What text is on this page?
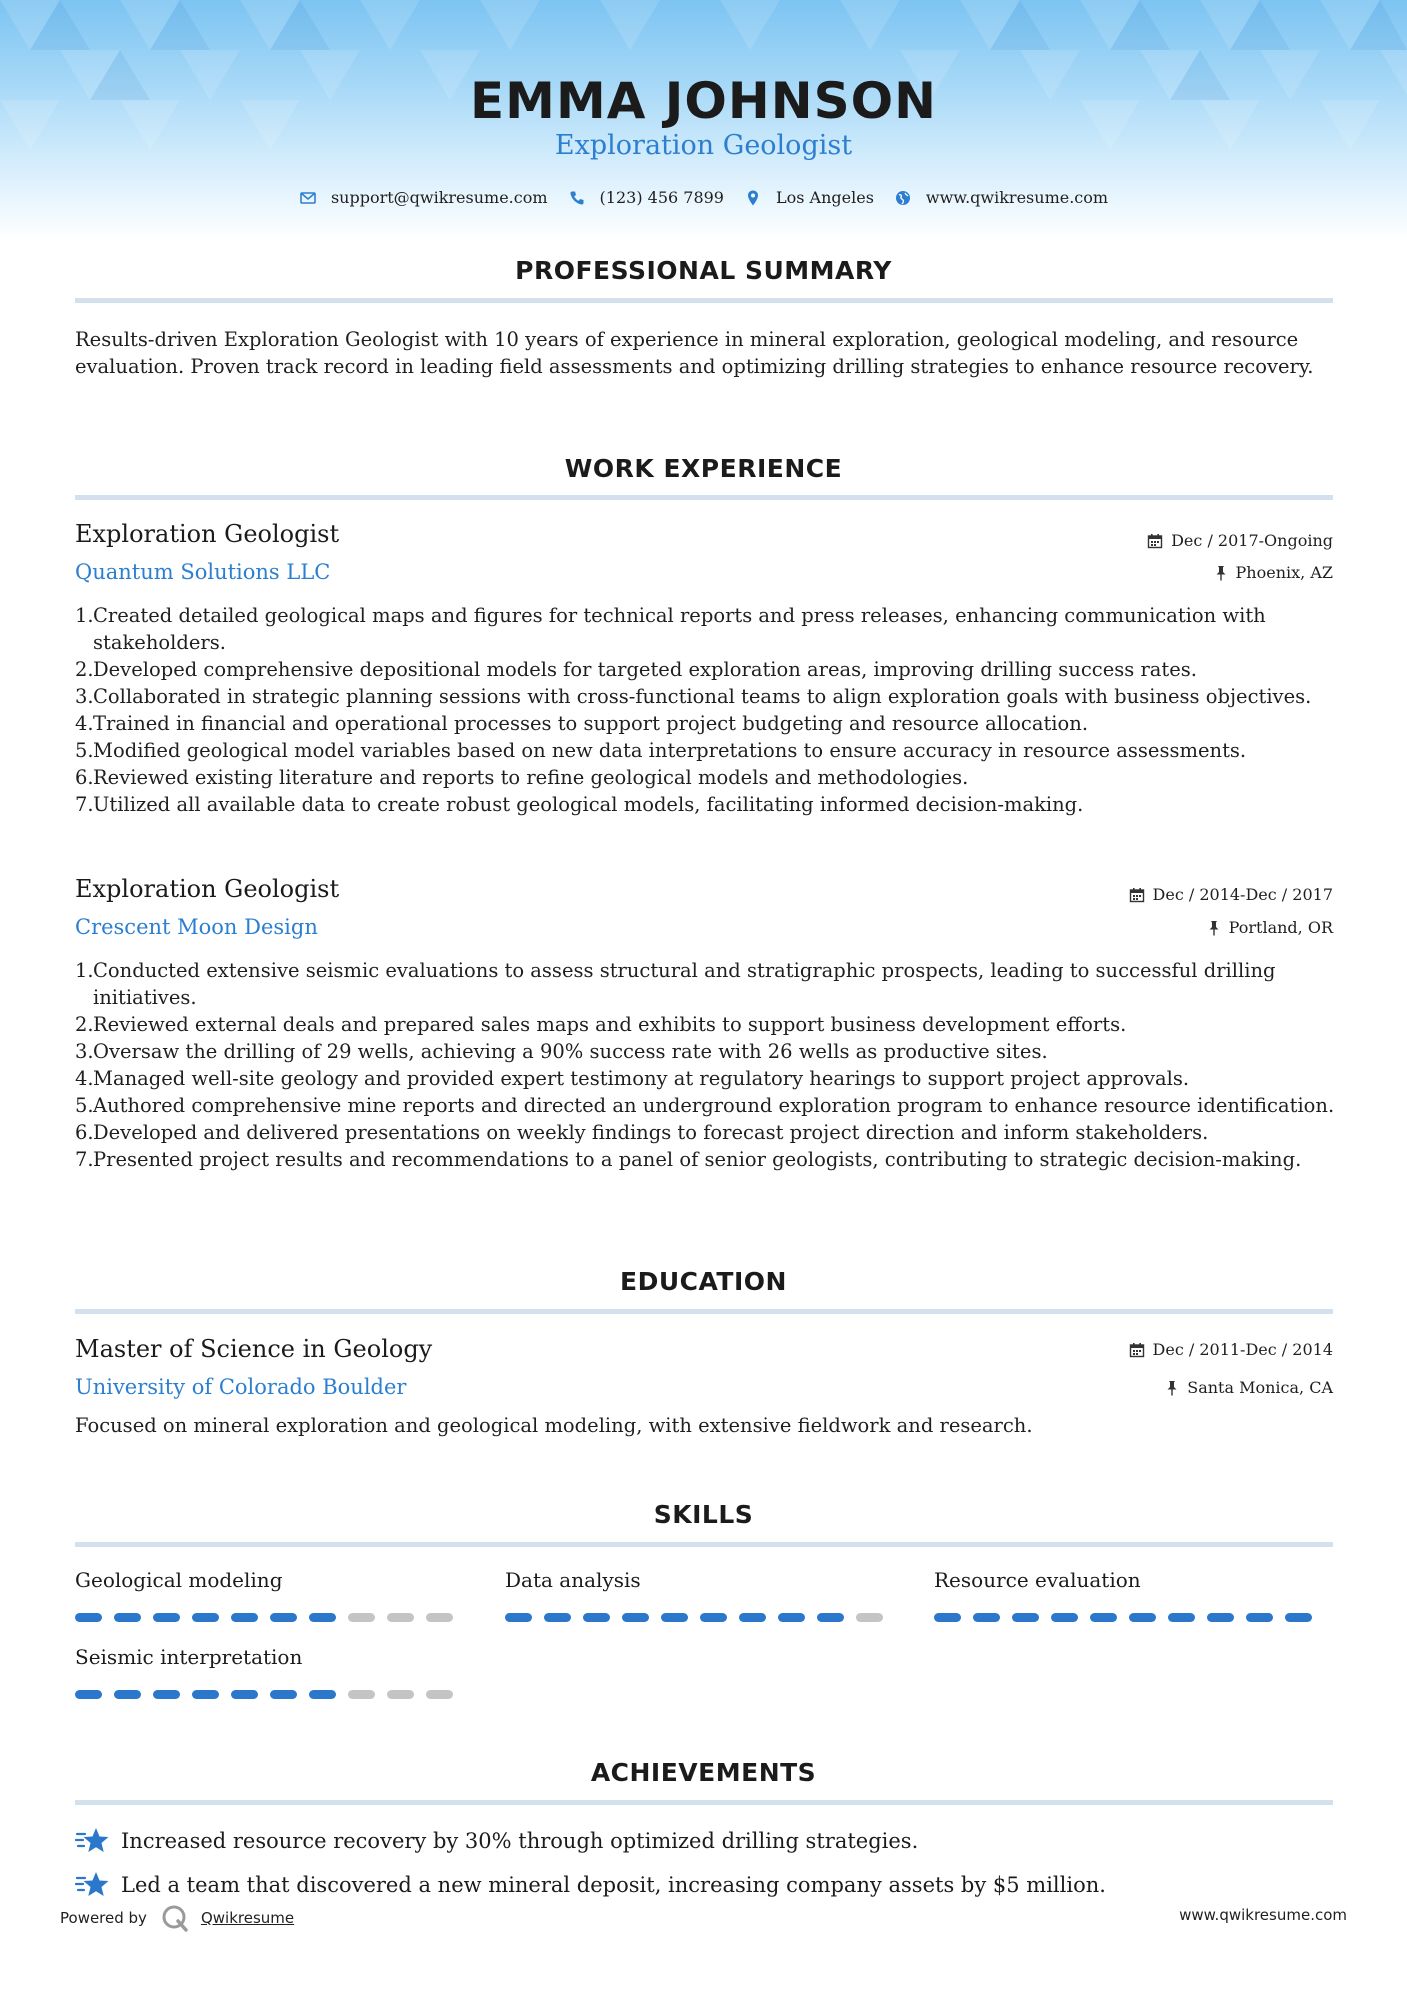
EMMA JOHNSON
Exploration Geologist
support@qwikresume.com	(123) 456 7899	Los Angeles	www.qwikresume.com
PROFESSIONAL SUMMARY
Results-driven Exploration Geologist with 10 years of experience in mineral exploration, geological modeling, and resource evaluation. Proven track record in leading field assessments and optimizing drilling strategies to enhance resource recovery.
WORK EXPERIENCE
Exploration Geologist	Dec / 2017-Ongoing
Quantum Solutions LLC	Phoenix, AZ
1. Created detailed geological maps and figures for technical reports and press releases, enhancing communication with stakeholders.
2. Developed comprehensive depositional models for targeted exploration areas, improving drilling success rates.
3. Collaborated in strategic planning sessions with cross-functional teams to align exploration goals with business objectives.
4. Trained in financial and operational processes to support project budgeting and resource allocation.
5. Modified geological model variables based on new data interpretations to ensure accuracy in resource assessments.
6. Reviewed existing literature and reports to refine geological models and methodologies.
7. Utilized all available data to create robust geological models, facilitating informed decision-making.
Exploration Geologist	Dec / 2014-Dec / 2017
Crescent Moon Design	Portland, OR
1. Conducted extensive seismic evaluations to assess structural and stratigraphic prospects, leading to successful drilling initiatives.
2. Reviewed external deals and prepared sales maps and exhibits to support business development efforts.
3. Oversaw the drilling of 29 wells, achieving a 90% success rate with 26 wells as productive sites.
4. Managed well-site geology and provided expert testimony at regulatory hearings to support project approvals.
5. Authored comprehensive mine reports and directed an underground exploration program to enhance resource identification.
6. Developed and delivered presentations on weekly findings to forecast project direction and inform stakeholders.
7. Presented project results and recommendations to a panel of senior geologists, contributing to strategic decision-making.
EDUCATION
Master of Science in Geology	Dec / 2011-Dec / 2014
University of Colorado Boulder	Santa Monica, CA
Focused on mineral exploration and geological modeling, with extensive fieldwork and research.
SKILLS
Geological modeling	Data analysis	Resource evaluation
Seismic interpretation
ACHIEVEMENTS
Increased resource recovery by 30% through optimized drilling strategies.
Led a team that discovered a new mineral deposit, increasing company assets by $5 million.
Powered by	Qwikresume	www.qwikresume.com
